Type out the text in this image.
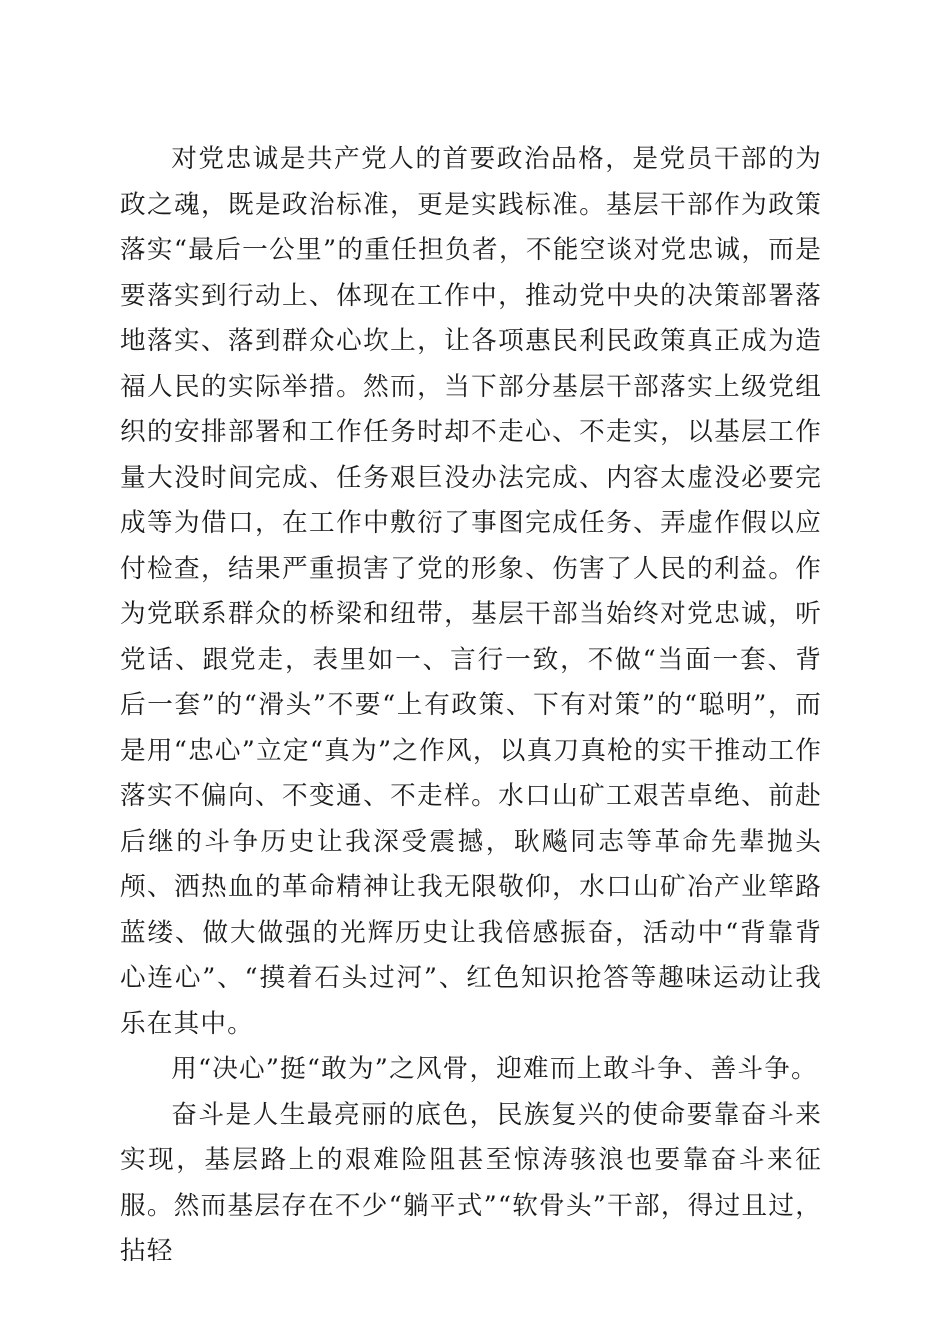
对党忠诚是共产党人的首要政治品格，是党员干部的为政之魂，既是政治标准，更是实践标准。基层干部作为政策落实“最后一公里”的重任担负者，不能空谈对党忠诚，而是要落实到行动上、体现在工作中，推动党中央的决策部署落地落实、落到群众心坎上，让各项惠民利民政策真正成为造福人民的实际举措。然而，当下部分基层干部落实上级党组织的安排部署和工作任务时却不走心、不走实，以基层工作量大没时间完成、任务艰巨没办法完成、内容太虚没必要完成等为借口，在工作中敷衍了事图完成任务、弄虚作假以应付检查，结果严重损害了党的形象、伤害了人民的利益。作为党联系群众的桥梁和纽带，基层干部当始终对党忠诚，听党话、跟党走，表里如一、言行一致，不做“当面一套、背后一套”的“滑头”不要“上有政策、下有对策”的“聪明”，而是用“忠心”立定“真为”之作风，以真刀真枪的实干推动工作落实不偏向、不变通、不走样。水口山矿工艰苦卓绝、前赴后继的斗争历史让我深受震撼，耿飚同志等革命先辈抛头颅、洒热血的革命精神让我无限敬仰，水口山矿冶产业筚路蓝缕、做大做强的光辉历史让我倍感振奋，活动中“背靠背心连心”、“摸着石头过河”、红色知识抢答等趣味运动让我乐在其中。

用“决心”挺“敢为”之风骨，迎难而上敢斗争、善斗争。

奋斗是人生最亮丽的底色，民族复兴的使命要靠奋斗来实现，基层路上的艰难险阻甚至惊涛骇浪也要靠奋斗来征服。然而基层存在不少“躺平式”“软骨头”干部，得过且过，拈轻
